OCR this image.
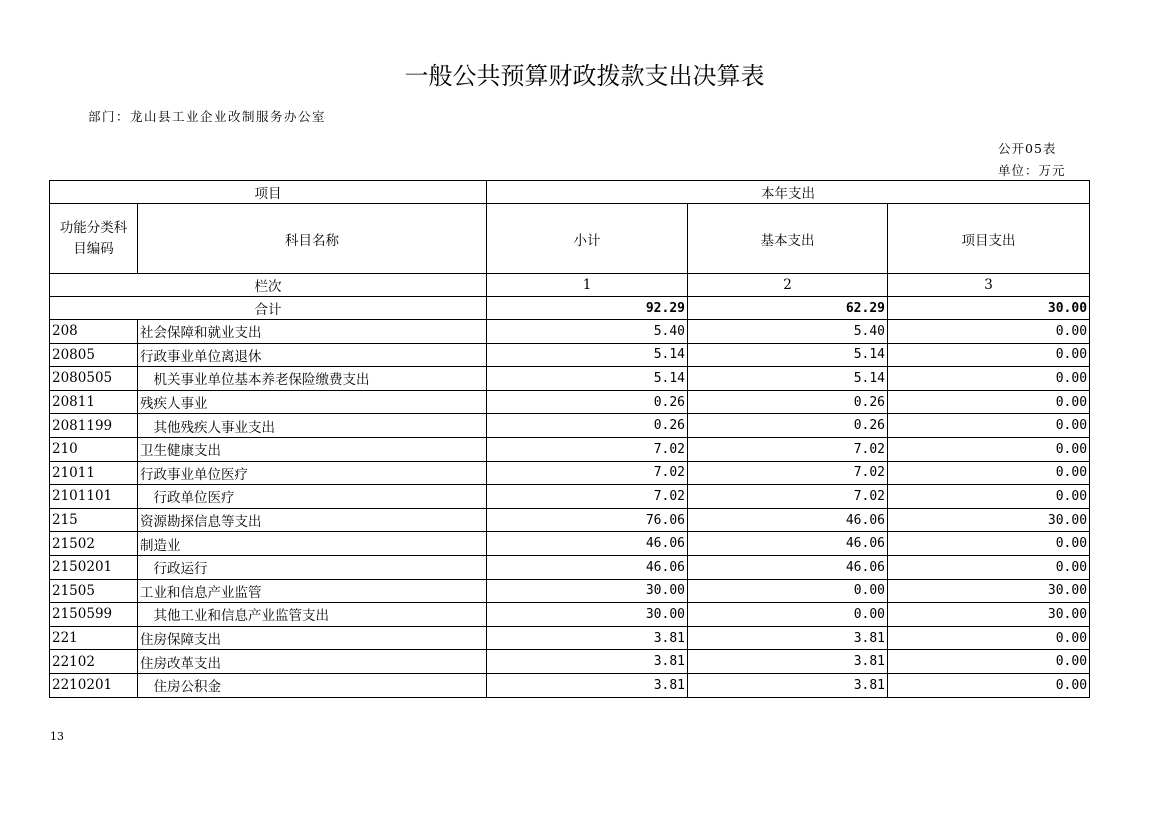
一般公共预算财政拨款支出决算表
部门：龙山县工业企业改制服务办公室
公开05表
单位：万元
项目		本年支出		
功能分类科目编码	科目名称	小计	基本支出	项目支出
栏次		1	2	3
合计		92.29	62.29	30.00
208	社会保障和就业支出	5.40	5.40	0.00
20805	行政事业单位离退休	5.14	5.14	0.00
2080505	　机关事业单位基本养老保险缴费支出	5.14	5.14	0.00
20811	残疾人事业	0.26	0.26	0.00
2081199	　其他残疾人事业支出	0.26	0.26	0.00
210	卫生健康支出	7.02	7.02	0.00
21011	行政事业单位医疗	7.02	7.02	0.00
2101101	　行政单位医疗	7.02	7.02	0.00
215	资源勘探信息等支出	76.06	46.06	30.00
21502	制造业	46.06	46.06	0.00
2150201	　行政运行	46.06	46.06	0.00
21505	工业和信息产业监管	30.00	0.00	30.00
2150599	　其他工业和信息产业监管支出	30.00	0.00	30.00
221	住房保障支出	3.81	3.81	0.00
22102	住房改革支出	3.81	3.81	0.00
2210201	　住房公积金	3.81	3.81	0.00
13
